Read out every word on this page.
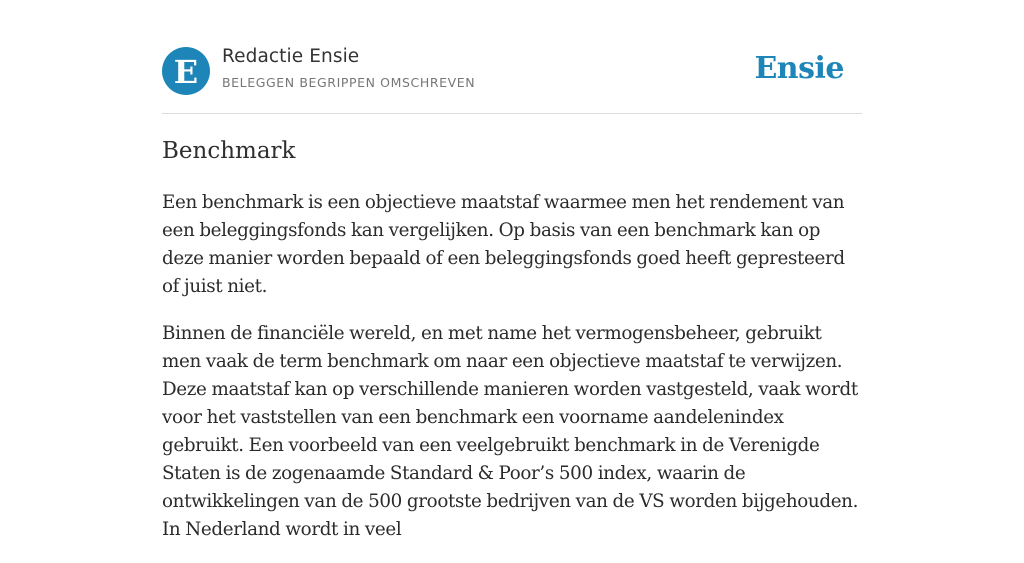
E Redactie Ensie
BELEGGEN BEGRIPPEN OMSCHREVEN	Ensie
Benchmark

Een benchmark is een objectieve maatstaf waarmee men het rendement van een beleggingsfonds kan vergelijken. Op basis van een benchmark kan op deze manier worden bepaald of een beleggingsfonds goed heeft gepresteerd of juist niet.

Binnen de financiële wereld, en met name het vermogensbeheer, gebruikt men vaak de term benchmark om naar een objectieve maatstaf te verwijzen. Deze maatstaf kan op verschillende manieren worden vastgesteld, vaak wordt voor het vaststellen van een benchmark een voorname aandelenindex gebruikt. Een voorbeeld van een veelgebruikt benchmark in de Verenigde Staten is de zogenaamde Standard & Poor’s 500 index, waarin de ontwikkelingen van de 500 grootste bedrijven van de VS worden bijgehouden. In Nederland wordt in veel
